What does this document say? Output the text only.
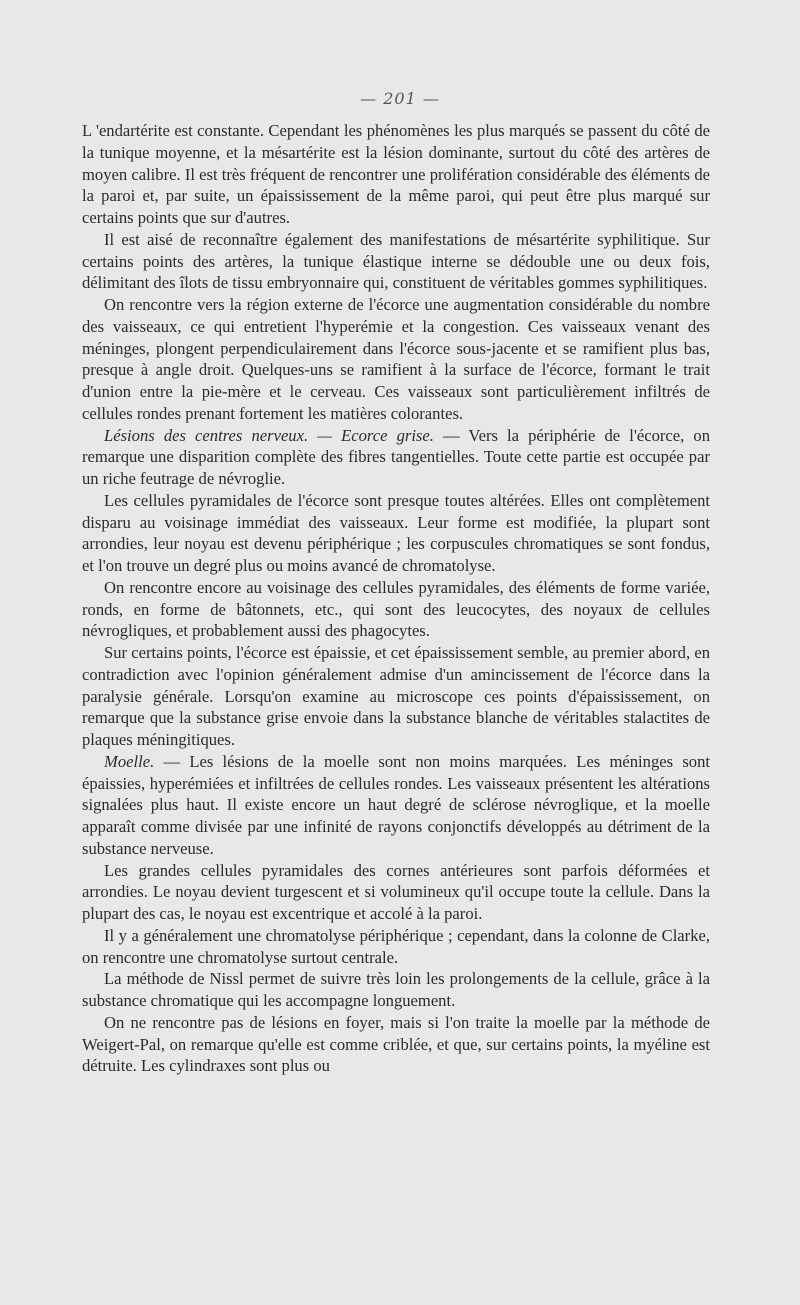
— 201 —

L 'endartérite est constante. Cependant les phénomènes les plus marqués se passent du côté de la tunique moyenne, et la mésartérite est la lésion dominante, surtout du côté des artères de moyen calibre. Il est très fréquent de rencontrer une prolifération considérable des éléments de la paroi et, par suite, un épaississement de la même paroi, qui peut être plus marqué sur certains points que sur d'autres.

Il est aisé de reconnaître également des manifestations de mésartérite syphilitique. Sur certains points des artères, la tunique élastique interne se dédouble une ou deux fois, délimitant des îlots de tissu embryonnaire qui, constituent de véritables gommes syphilitiques.

On rencontre vers la région externe de l'écorce une augmentation considérable du nombre des vaisseaux, ce qui entretient l'hyperémie et la congestion. Ces vaisseaux venant des méninges, plongent perpendiculairement dans l'écorce sous-jacente et se ramifient plus bas, presque à angle droit. Quelques-uns se ramifient à la surface de l'écorce, formant le trait d'union entre la pie-mère et le cerveau. Ces vaisseaux sont particulièrement infiltrés de cellules rondes prenant fortement les matières colorantes.

Lésions des centres nerveux. — Ecorce grise. — Vers la périphérie de l'écorce, on remarque une disparition complète des fibres tangentielles. Toute cette partie est occupée par un riche feutrage de névroglie.

Les cellules pyramidales de l'écorce sont presque toutes altérées. Elles ont complètement disparu au voisinage immédiat des vaisseaux. Leur forme est modifiée, la plupart sont arrondies, leur noyau est devenu périphérique ; les corpuscules chromatiques se sont fondus, et l'on trouve un degré plus ou moins avancé de chromatolyse.

On rencontre encore au voisinage des cellules pyramidales, des éléments de forme variée, ronds, en forme de bâtonnets, etc., qui sont des leucocytes, des noyaux de cellules névrogliques, et probablement aussi des phagocytes.

Sur certains points, l'écorce est épaissie, et cet épaississement semble, au premier abord, en contradiction avec l'opinion généralement admise d'un amincissement de l'écorce dans la paralysie générale. Lorsqu'on examine au microscope ces points d'épaississement, on remarque que la substance grise envoie dans la substance blanche de véritables stalactites de plaques méningitiques.

Moelle. — Les lésions de la moelle sont non moins marquées. Les méninges sont épaissies, hyperémiées et infiltrées de cellules rondes. Les vaisseaux présentent les altérations signalées plus haut. Il existe encore un haut degré de sclérose névroglique, et la moelle apparaît comme divisée par une infinité de rayons conjonctifs développés au détriment de la substance nerveuse.

Les grandes cellules pyramidales des cornes antérieures sont parfois déformées et arrondies. Le noyau devient turgescent et si volumineux qu'il occupe toute la cellule. Dans la plupart des cas, le noyau est excentrique et accolé à la paroi.

Il y a généralement une chromatolyse périphérique ; cependant, dans la colonne de Clarke, on rencontre une chromatolyse surtout centrale.

La méthode de Nissl permet de suivre très loin les prolongements de la cellule, grâce à la substance chromatique qui les accompagne longuement.

On ne rencontre pas de lésions en foyer, mais si l'on traite la moelle par la méthode de Weigert-Pal, on remarque qu'elle est comme criblée, et que, sur certains points, la myéline est détruite. Les cylindraxes sont plus ou
